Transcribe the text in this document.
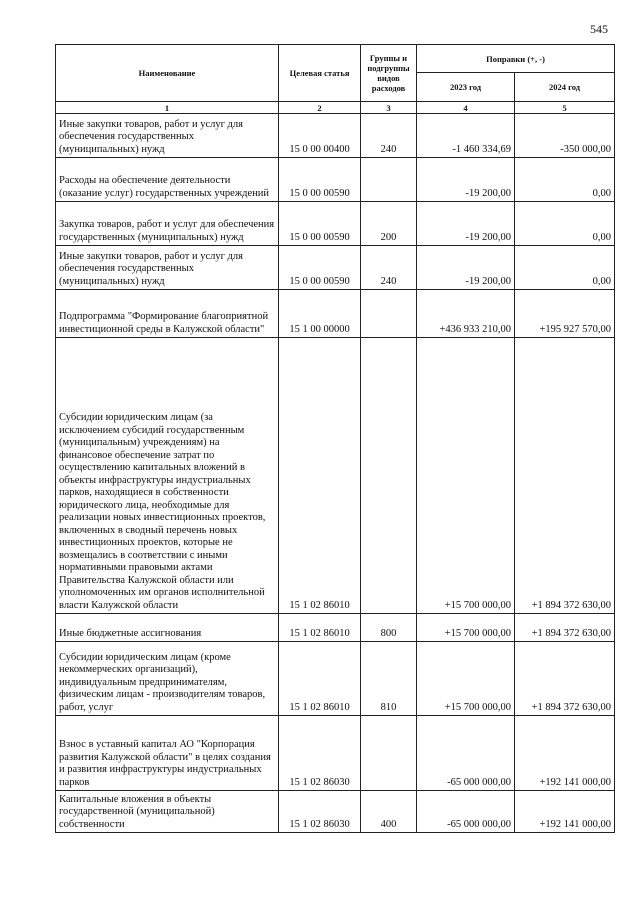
545
Наименование	Целевая статья	Группы и подгруппы видов расходов	Поправки (+, -)	
			2023 год	2024 год
1	2	3	4	5
Иные закупки товаров, работ и услуг для обеспечения государственных (муниципальных) нужд	15 0 00 00400	240	-1 460 334,69	-350 000,00
Расходы на обеспечение деятельности (оказание услуг) государственных учреждений	15 0 00 00590		-19 200,00	0,00
Закупка товаров, работ и услуг для обеспечения государственных (муниципальных) нужд	15 0 00 00590	200	-19 200,00	0,00
Иные закупки товаров, работ и услуг для обеспечения государственных (муниципальных) нужд	15 0 00 00590	240	-19 200,00	0,00
Подпрограмма "Формирование благоприятной инвестиционной среды в Калужской области"	15 1 00 00000		+436 933 210,00	+195 927 570,00
Субсидии юридическим лицам (за исключением субсидий государственным (муниципальным) учреждениям) на финансовое обеспечение затрат по осуществлению капитальных вложений в объекты инфраструктуры индустриальных парков, находящиеся в собственности юридического лица, необходимые для реализации новых инвестиционных проектов, включенных в сводный перечень новых инвестиционных проектов, которые не возмещались в соответствии с иными нормативными правовыми актами Правительства Калужской области или уполномоченных им органов исполнительной власти Калужской области	15 1 02 86010		+15 700 000,00	+1 894 372 630,00
Иные бюджетные ассигнования	15 1 02 86010	800	+15 700 000,00	+1 894 372 630,00
Субсидии юридическим лицам (кроме некоммерческих организаций), индивидуальным предпринимателям, физическим лицам - производителям товаров, работ, услуг	15 1 02 86010	810	+15 700 000,00	+1 894 372 630,00
Взнос в уставный капитал АО "Корпорация развития Калужской области" в целях создания и развития инфраструктуры индустриальных парков	15 1 02 86030		-65 000 000,00	+192 141 000,00
Капитальные вложения в объекты государственной (муниципальной) собственности	15 1 02 86030	400	-65 000 000,00	+192 141 000,00
